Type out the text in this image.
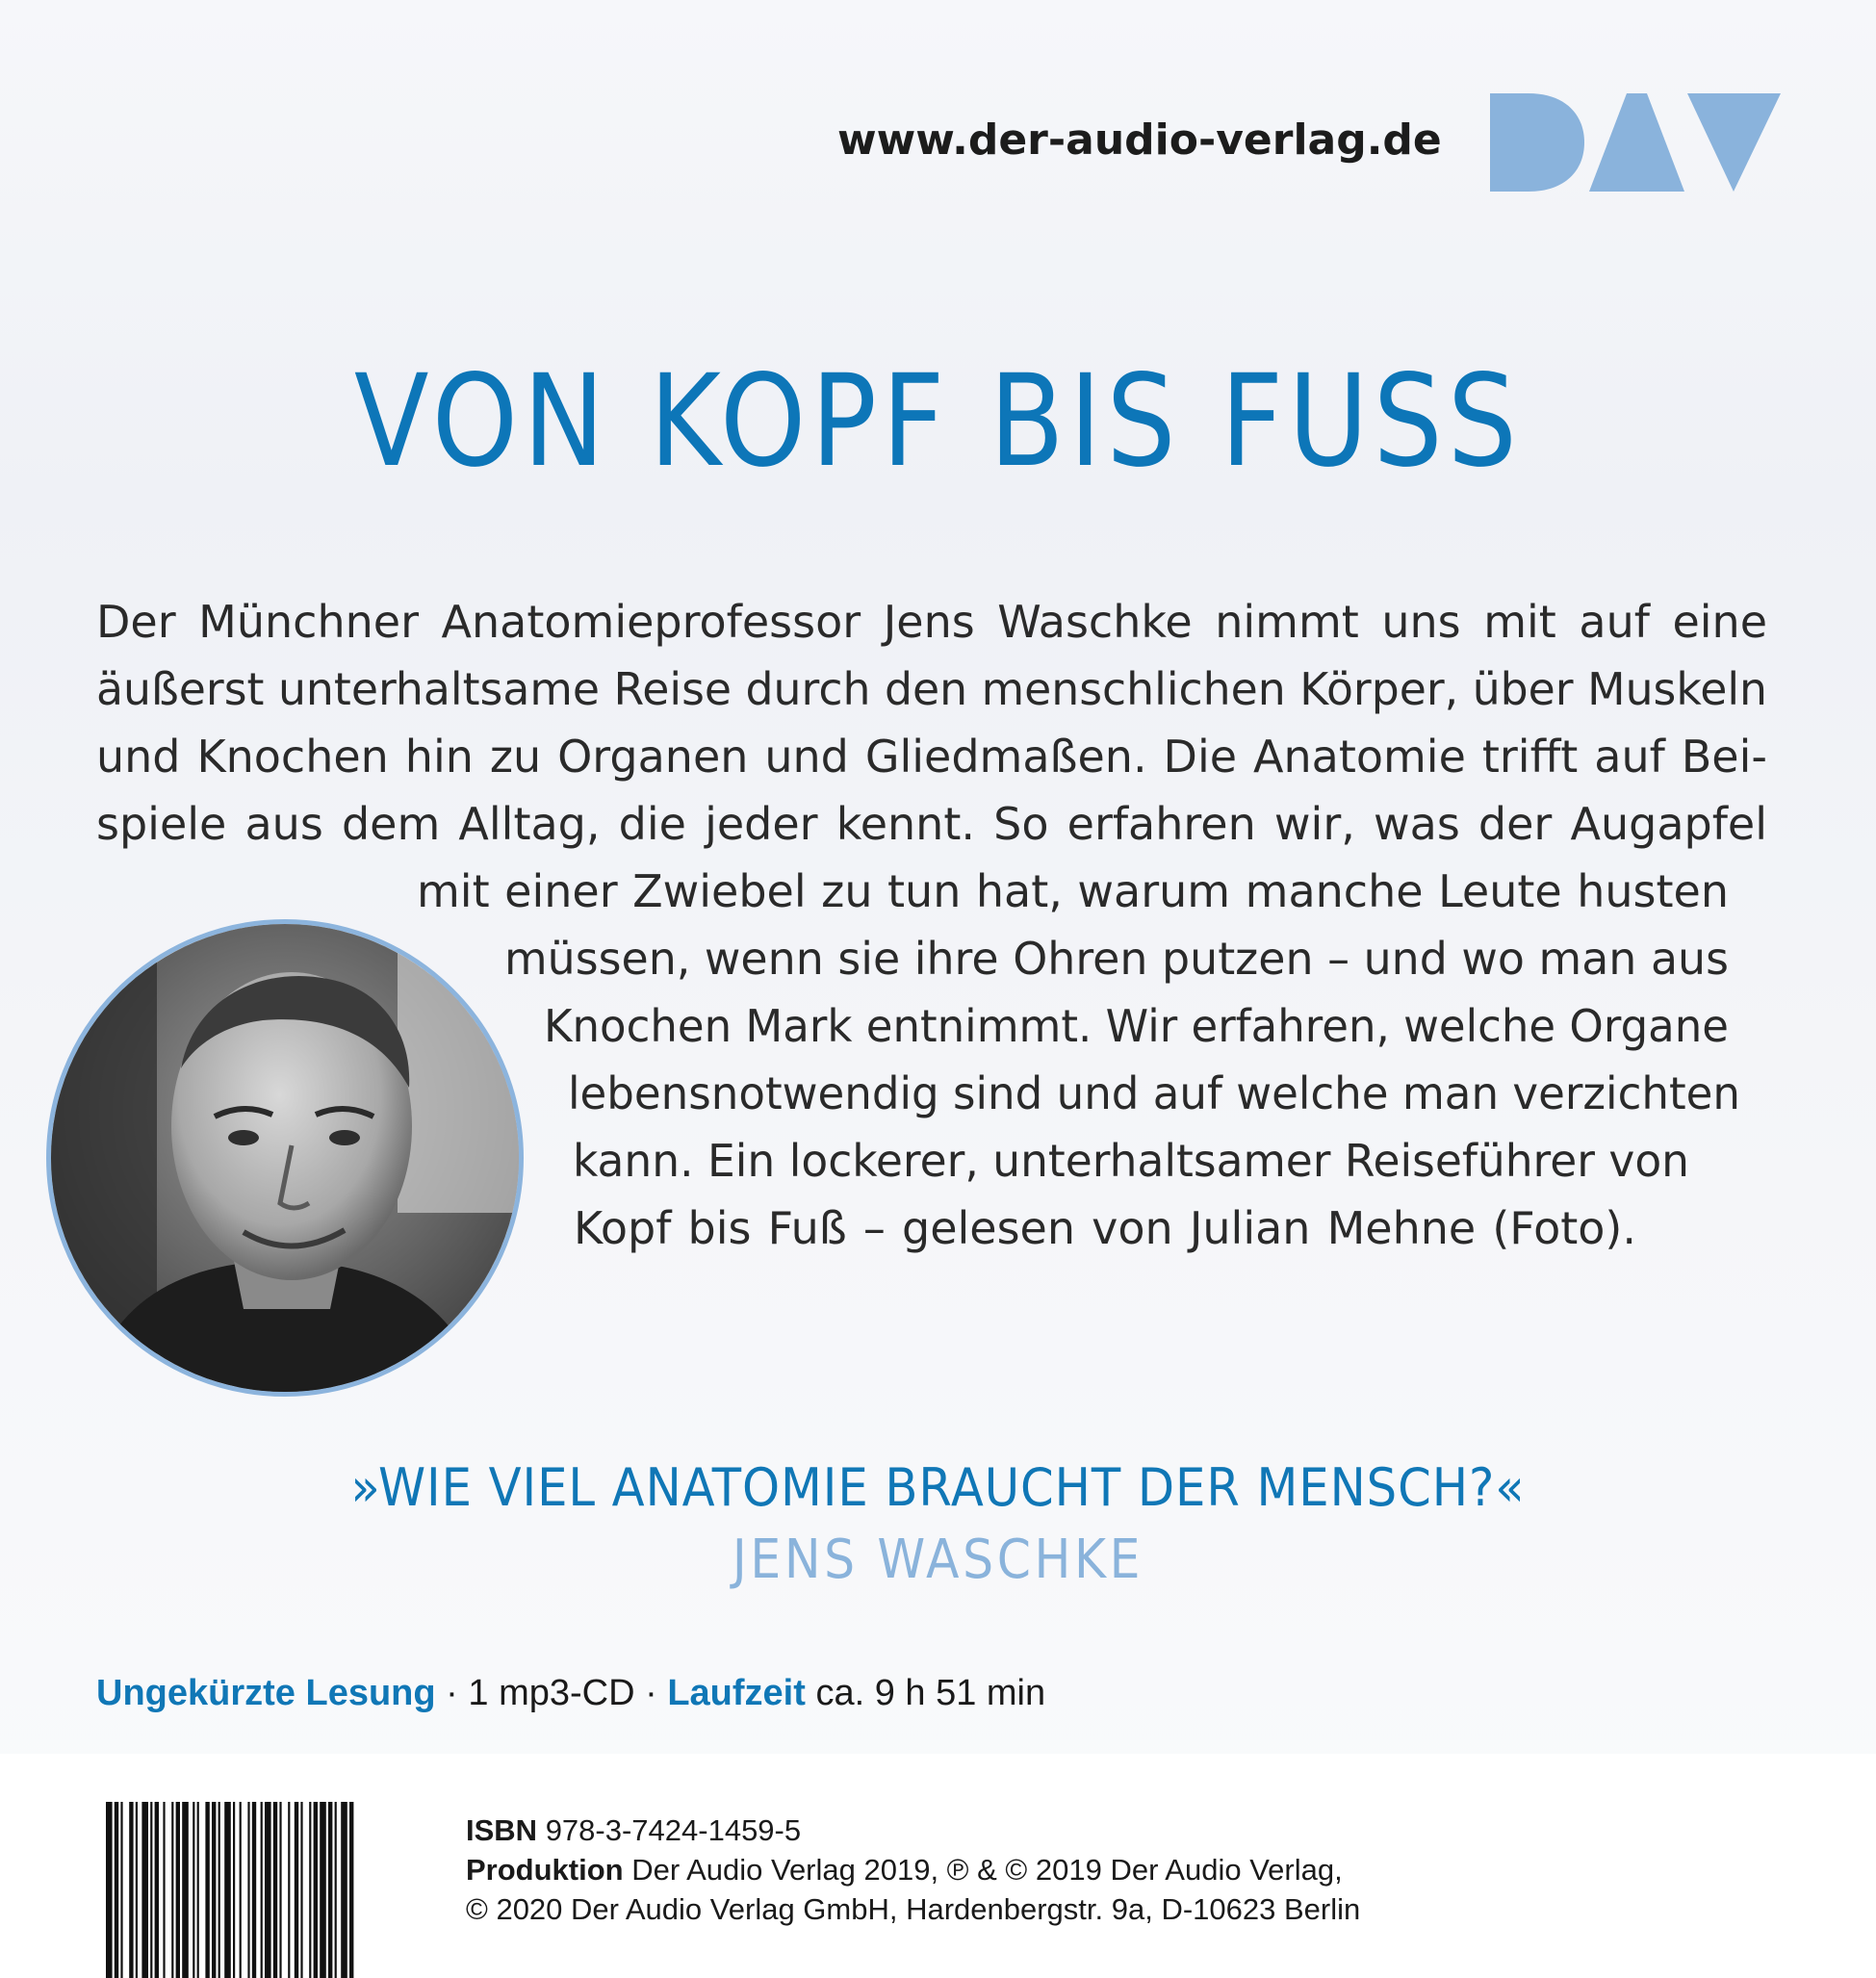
www.der-audio-verlag.de
VON KOPF BIS FUSS
Der Münchner Anatomieprofessor Jens Waschke nimmt uns mit auf eine
äußerst unterhaltsame Reise durch den menschlichen Körper, über Muskeln
und Knochen hin zu Organen und Gliedmaßen. Die Anatomie trifft auf Bei-
spiele aus dem Alltag, die jeder kennt. So erfahren wir, was der Augapfel
mit einer Zwiebel zu tun hat, warum manche Leute husten
müssen, wenn sie ihre Ohren putzen – und wo man aus
Knochen Mark entnimmt. Wir erfahren, welche Organe
lebensnotwendig sind und auf welche man verzichten
kann. Ein lockerer, unterhaltsamer Reiseführer von
Kopf bis Fuß – gelesen von Julian Mehne (Foto).
»WIE VIEL ANATOMIE BRAUCHT DER MENSCH?«
JENS WASCHKE
Ungekürzte Lesung · 1 mp3-CD · Laufzeit ca. 9 h 51 min
ISBN 978-3-7424-1459-5
Produktion Der Audio Verlag 2019, ℗ & © 2019 Der Audio Verlag,
© 2020 Der Audio Verlag GmbH, Hardenbergstr. 9a, D-10623 Berlin
